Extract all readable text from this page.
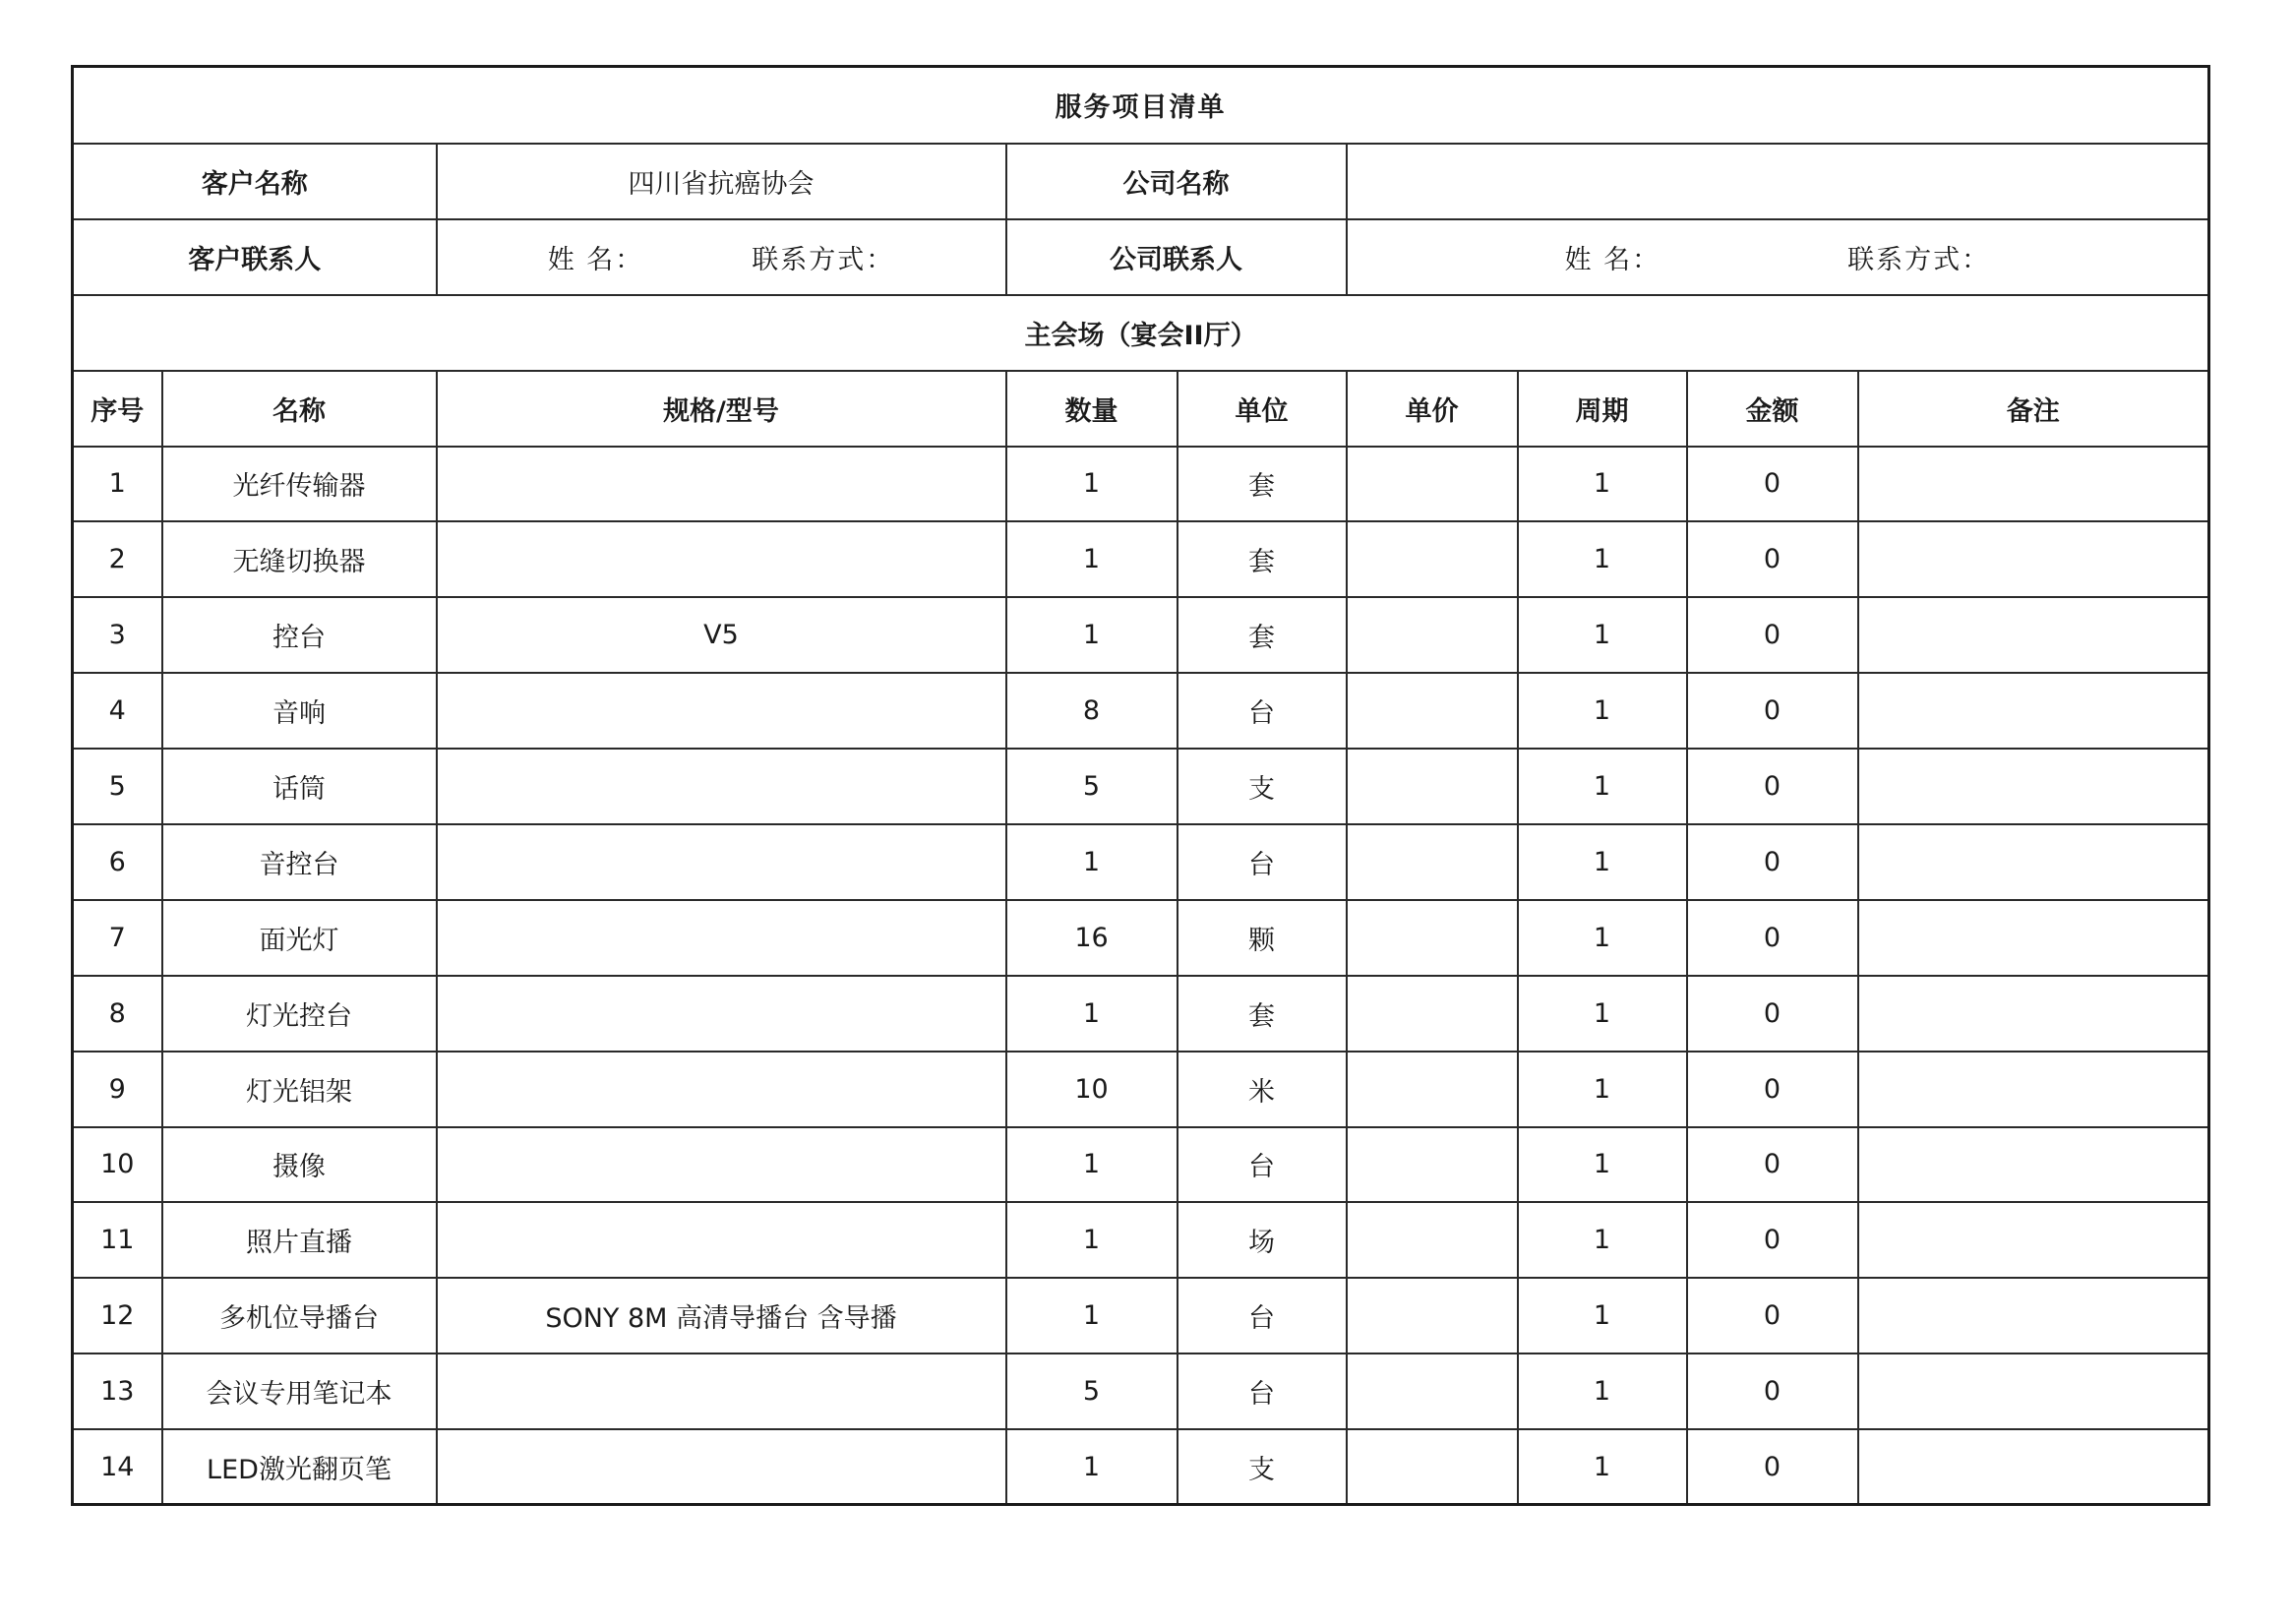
服务项目清单								
客户名称		四川省抗癌协会	公司名称					
客户联系人		姓 名： 联系方式：	公司联系人		姓 名： 联系方式：			

主会场（宴会II厅）								
序号	名称	规格/型号	数量	单位	单价	周期	金额	备注
1	光纤传输器		1	套		1	0	
2	无缝切换器		1	套		1	0	
3	控台	V5	1	套		1	0	
4	音响		8	台		1	0	
5	话筒		5	支		1	0	
6	音控台		1	台		1	0	
7	面光灯		16	颗		1	0	
8	灯光控台		1	套		1	0	
9	灯光铝架		10	米		1	0	
10	摄像		1	台		1	0	
11	照片直播		1	场		1	0	
12	多机位导播台	SONY 8M 高清导播台 含导播	1	台		1	0	
13	会议专用笔记本		5	台		1	0	
14	LED激光翻页笔		1	支		1	0	
